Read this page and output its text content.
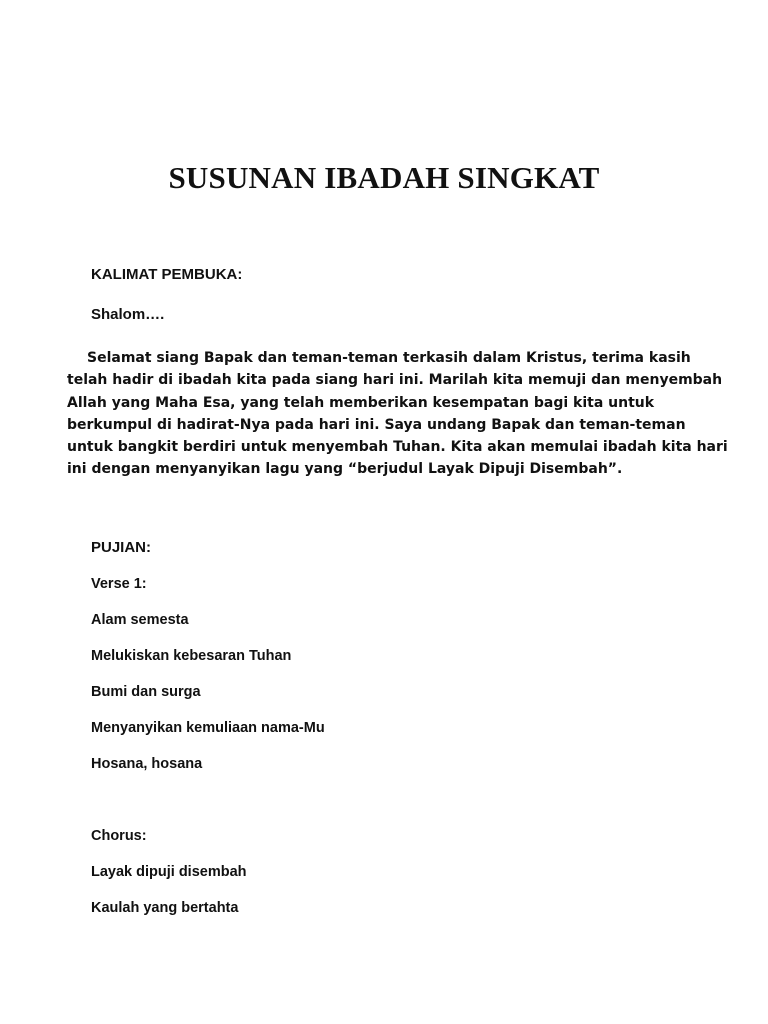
SUSUNAN IBADAH SINGKAT
KALIMAT PEMBUKA:
Shalom….
Selamat siang Bapak dan teman-teman terkasih dalam Kristus, terima kasih
telah hadir di ibadah kita pada siang hari ini. Marilah kita memuji dan menyembah
Allah yang Maha Esa, yang telah memberikan kesempatan bagi kita untuk
berkumpul di hadirat-Nya pada hari ini. Saya undang Bapak dan teman-teman
untuk bangkit berdiri untuk menyembah Tuhan. Kita akan memulai ibadah kita hari
ini dengan menyanyikan lagu yang “berjudul Layak Dipuji Disembah”.
PUJIAN:
Verse 1:
Alam semesta
Melukiskan kebesaran Tuhan
Bumi dan surga
Menyanyikan kemuliaan nama-Mu
Hosana, hosana
Chorus:
Layak dipuji disembah
Kaulah yang bertahta
